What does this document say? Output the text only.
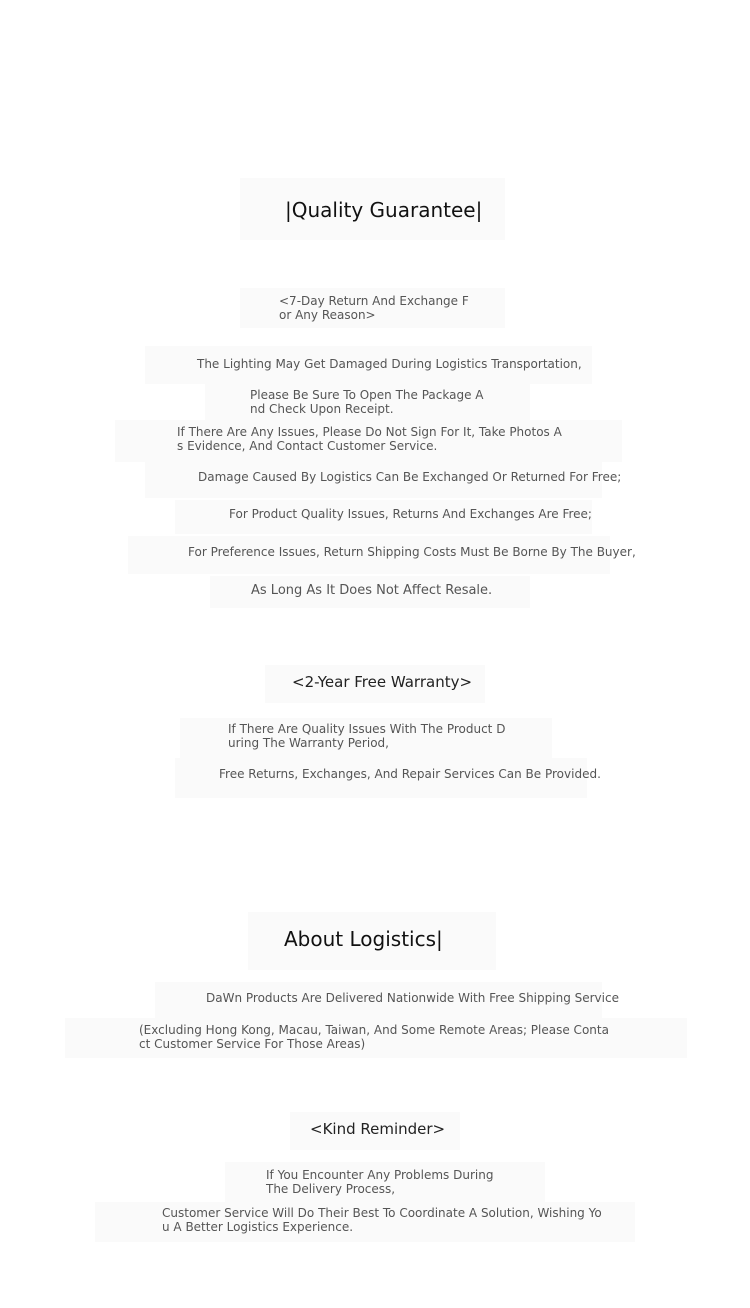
|Quality Guarantee|
<7-Day Return And Exchange For Any Reason>
The Lighting May Get Damaged During Logistics Transportation,
Please Be Sure To Open The Package And Check Upon Receipt.
If There Are Any Issues, Please Do Not Sign For It, Take Photos As Evidence, And Contact Customer Service.
Damage Caused By Logistics Can Be Exchanged Or Returned For Free;
For Product Quality Issues, Returns And Exchanges Are Free;
For Preference Issues, Return Shipping Costs Must Be Borne By The Buyer,
As Long As It Does Not Affect Resale.
<2-Year Free Warranty>
If There Are Quality Issues With The Product During The Warranty Period,
Free Returns, Exchanges, And Repair Services Can Be Provided.
About Logistics|
DaWn Products Are Delivered Nationwide With Free Shipping Service
(Excluding Hong Kong, Macau, Taiwan, And Some Remote Areas; Please Contact Customer Service For Those Areas)
<Kind Reminder>
If You Encounter Any Problems During The Delivery Process,
Customer Service Will Do Their Best To Coordinate A Solution, Wishing You A Better Logistics Experience.
